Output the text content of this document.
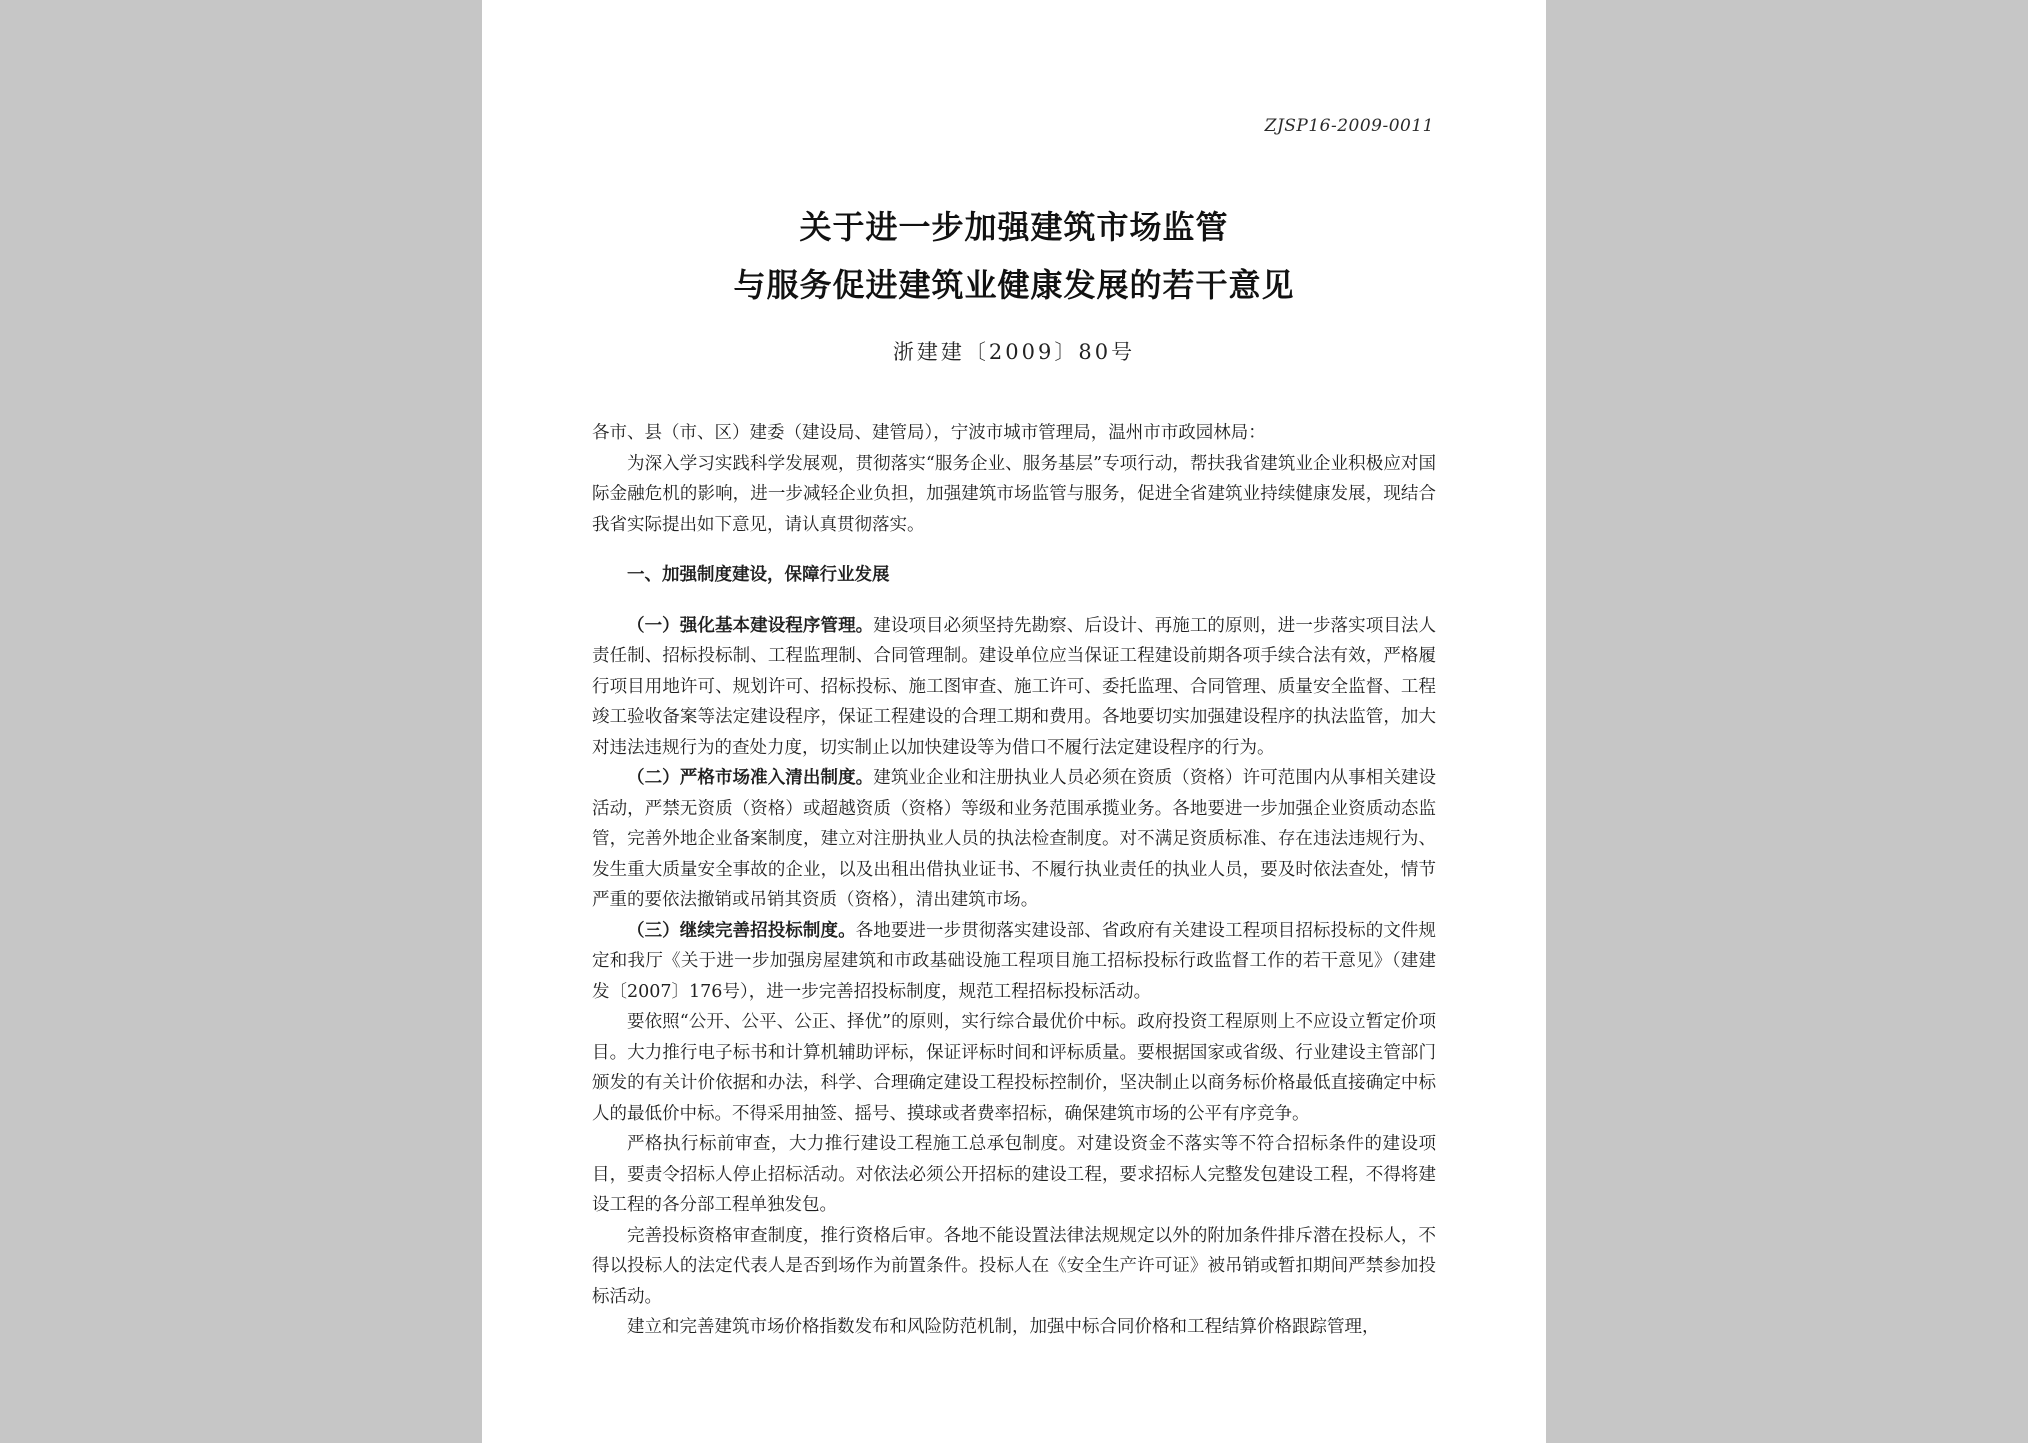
ZJSP16-2009-0011
关于进一步加强建筑市场监管
与服务促进建筑业健康发展的若干意见
浙建建〔2009〕80号

各市、县（市、区）建委（建设局、建管局），宁波市城市管理局，温州市市政园林局：

为深入学习实践科学发展观，贯彻落实“服务企业、服务基层”专项行动，帮扶我省建筑业企业积极应对国际金融危机的影响，进一步减轻企业负担，加强建筑市场监管与服务，促进全省建筑业持续健康发展，现结合我省实际提出如下意见，请认真贯彻落实。

一、加强制度建设，保障行业发展

（一）强化基本建设程序管理。建设项目必须坚持先勘察、后设计、再施工的原则，进一步落实项目法人责任制、招标投标制、工程监理制、合同管理制。建设单位应当保证工程建设前期各项手续合法有效，严格履行项目用地许可、规划许可、招标投标、施工图审查、施工许可、委托监理、合同管理、质量安全监督、工程竣工验收备案等法定建设程序，保证工程建设的合理工期和费用。各地要切实加强建设程序的执法监管，加大对违法违规行为的查处力度，切实制止以加快建设等为借口不履行法定建设程序的行为。

（二）严格市场准入清出制度。建筑业企业和注册执业人员必须在资质（资格）许可范围内从事相关建设活动，严禁无资质（资格）或超越资质（资格）等级和业务范围承揽业务。各地要进一步加强企业资质动态监管，完善外地企业备案制度，建立对注册执业人员的执法检查制度。对不满足资质标准、存在违法违规行为、发生重大质量安全事故的企业，以及出租出借执业证书、不履行执业责任的执业人员，要及时依法查处，情节严重的要依法撤销或吊销其资质（资格），清出建筑市场。

（三）继续完善招投标制度。各地要进一步贯彻落实建设部、省政府有关建设工程项目招标投标的文件规定和我厅《关于进一步加强房屋建筑和市政基础设施工程项目施工招标投标行政监督工作的若干意见》（建建发〔2007〕176号），进一步完善招投标制度，规范工程招标投标活动。

要依照“公开、公平、公正、择优”的原则，实行综合最优价中标。政府投资工程原则上不应设立暂定价项目。大力推行电子标书和计算机辅助评标，保证评标时间和评标质量。要根据国家或省级、行业建设主管部门颁发的有关计价依据和办法，科学、合理确定建设工程投标控制价，坚决制止以商务标价格最低直接确定中标人的最低价中标。不得采用抽签、摇号、摸球或者费率招标，确保建筑市场的公平有序竞争。

严格执行标前审查，大力推行建设工程施工总承包制度。对建设资金不落实等不符合招标条件的建设项目，要责令招标人停止招标活动。对依法必须公开招标的建设工程，要求招标人完整发包建设工程，不得将建设工程的各分部工程单独发包。

完善投标资格审查制度，推行资格后审。各地不能设置法律法规规定以外的附加条件排斥潜在投标人，不得以投标人的法定代表人是否到场作为前置条件。投标人在《安全生产许可证》被吊销或暂扣期间严禁参加投标活动。

建立和完善建筑市场价格指数发布和风险防范机制，加强中标合同价格和工程结算价格跟踪管理，
